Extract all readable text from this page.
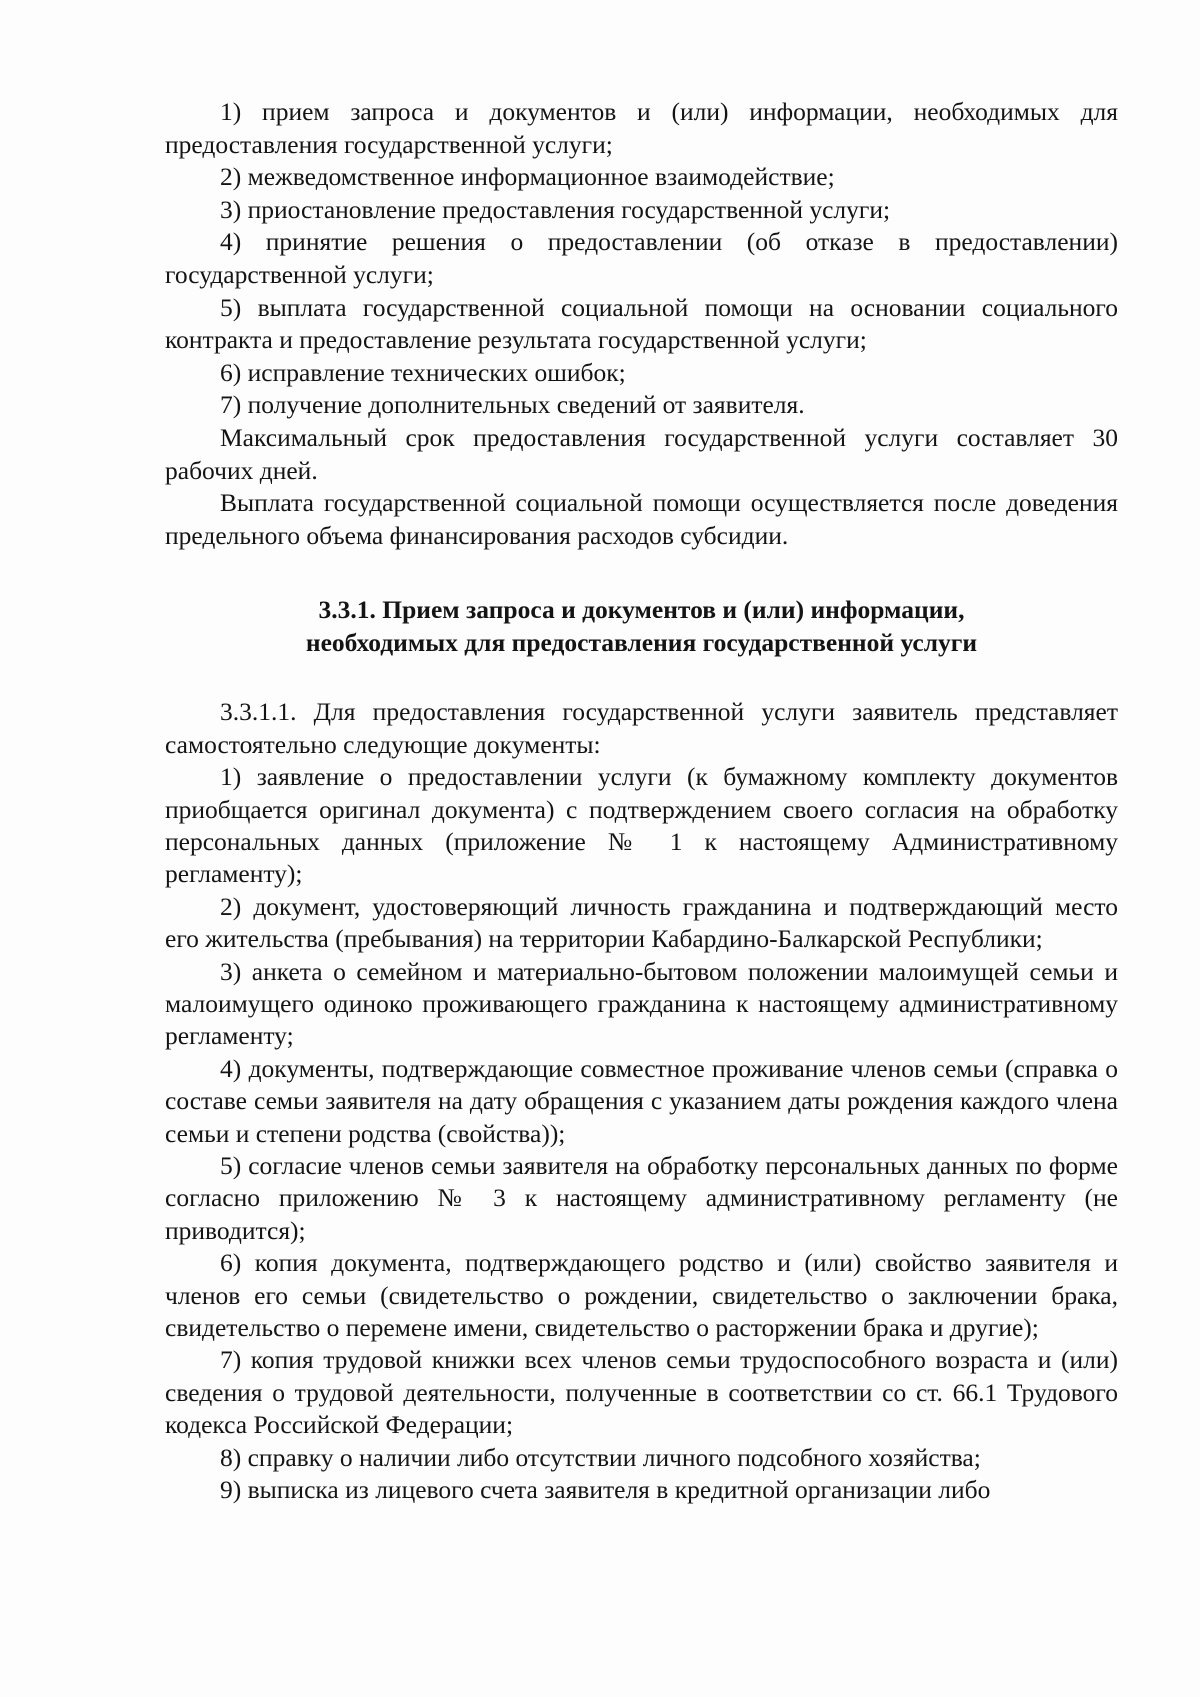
1) прием запроса и документов и (или) информации, необходимых для предоставления государственной услуги;

2) межведомственное информационное взаимодействие;

3) приостановление предоставления государственной услуги;

4) принятие решения о предоставлении (об отказе в предоставлении) государственной услуги;

5) выплата государственной социальной помощи на основании социального контракта и предоставление результата государственной услуги;

6) исправление технических ошибок;

7) получение дополнительных сведений от заявителя.

Максимальный срок предоставления государственной услуги составляет 30 рабочих дней.

Выплата государственной социальной помощи осуществляется после доведения предельного объема финансирования расходов субсидии.

3.3.1. Прием запроса и документов и (или) информации,
необходимых для предоставления государственной услуги

3.3.1.1. Для предоставления государственной услуги заявитель представляет самостоятельно следующие документы:

1) заявление о предоставлении услуги (к бумажному комплекту документов приобщается оригинал документа) с подтверждением своего согласия на обработку персональных данных (приложение № 1 к настоящему Административному регламенту);

2) документ, удостоверяющий личность гражданина и подтверждающий место его жительства (пребывания) на территории Кабардино-Балкарской Республики;

3) анкета о семейном и материально-бытовом положении малоимущей семьи и малоимущего одиноко проживающего гражданина к настоящему административному регламенту;

4) документы, подтверждающие совместное проживание членов семьи (справка о составе семьи заявителя на дату обращения с указанием даты рождения каждого члена семьи и степени родства (свойства));

5) согласие членов семьи заявителя на обработку персональных данных по форме согласно приложению № 3 к настоящему административному регламенту (не приводится);

6) копия документа, подтверждающего родство и (или) свойство заявителя и членов его семьи (свидетельство о рождении, свидетельство о заключении брака, свидетельство о перемене имени, свидетельство о расторжении брака и другие);

7) копия трудовой книжки всех членов семьи трудоспособного возраста и (или) сведения о трудовой деятельности, полученные в соответствии со ст. 66.1 Трудового кодекса Российской Федерации;

8) справку о наличии либо отсутствии личного подсобного хозяйства;

9) выписка из лицевого счета заявителя в кредитной организации либо
